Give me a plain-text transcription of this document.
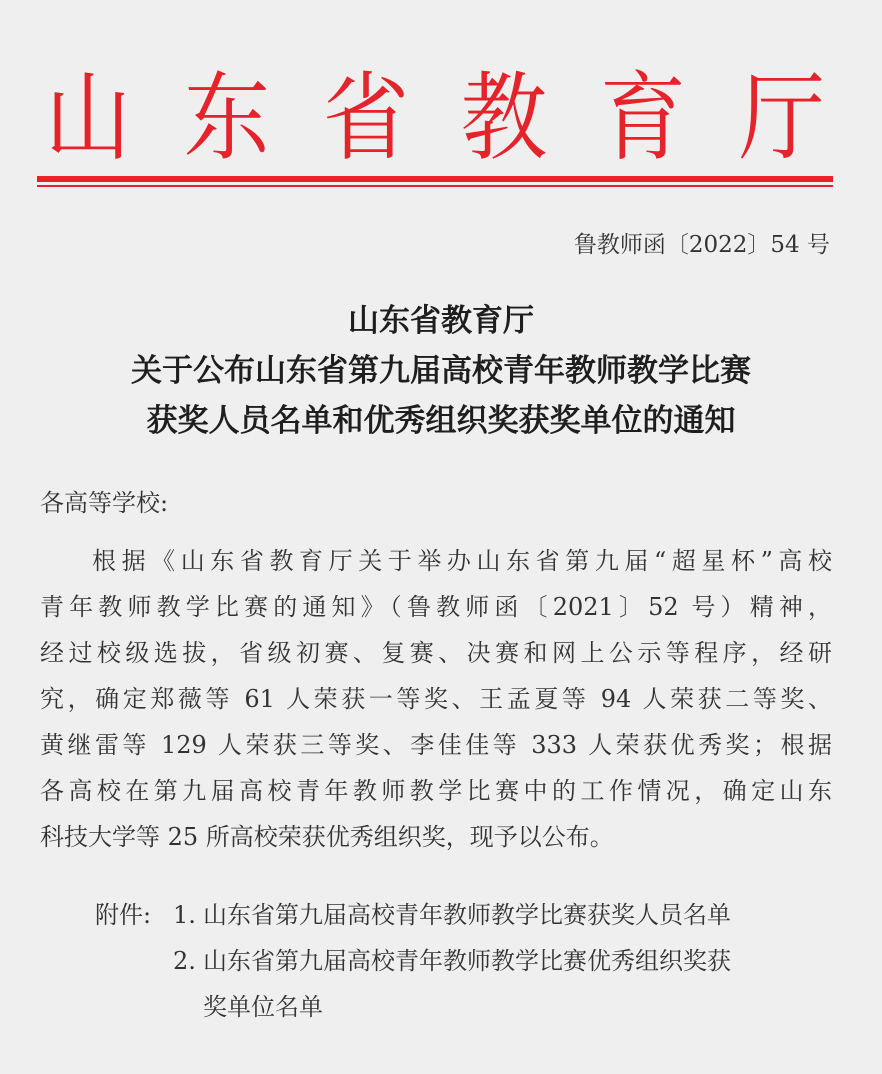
山 东 省 教 育 厅
鲁教师函〔2022〕54 号
山东省教育厅
关于公布山东省第九届高校青年教师教学比赛
获奖人员名单和优秀组织奖获奖单位的通知
各高等学校:
根据《山东省教育厅关于举办山东省第九届“超星杯”高校
青年教师教学比赛的通知》（鲁教师函〔2021〕52 号）精神，
经过校级选拔，省级初赛、复赛、决赛和网上公示等程序，经研
究，确定郑薇等 61 人荣获一等奖、王孟夏等 94 人荣获二等奖、
黄继雷等 129 人荣获三等奖、李佳佳等 333 人荣获优秀奖；根据
各高校在第九届高校青年教师教学比赛中的工作情况，确定山东
科技大学等 25 所高校荣获优秀组织奖，现予以公布。
附件: 1. 山东省第九届高校青年教师教学比赛获奖人员名单
2. 山东省第九届高校青年教师教学比赛优秀组织奖获
奖单位名单
